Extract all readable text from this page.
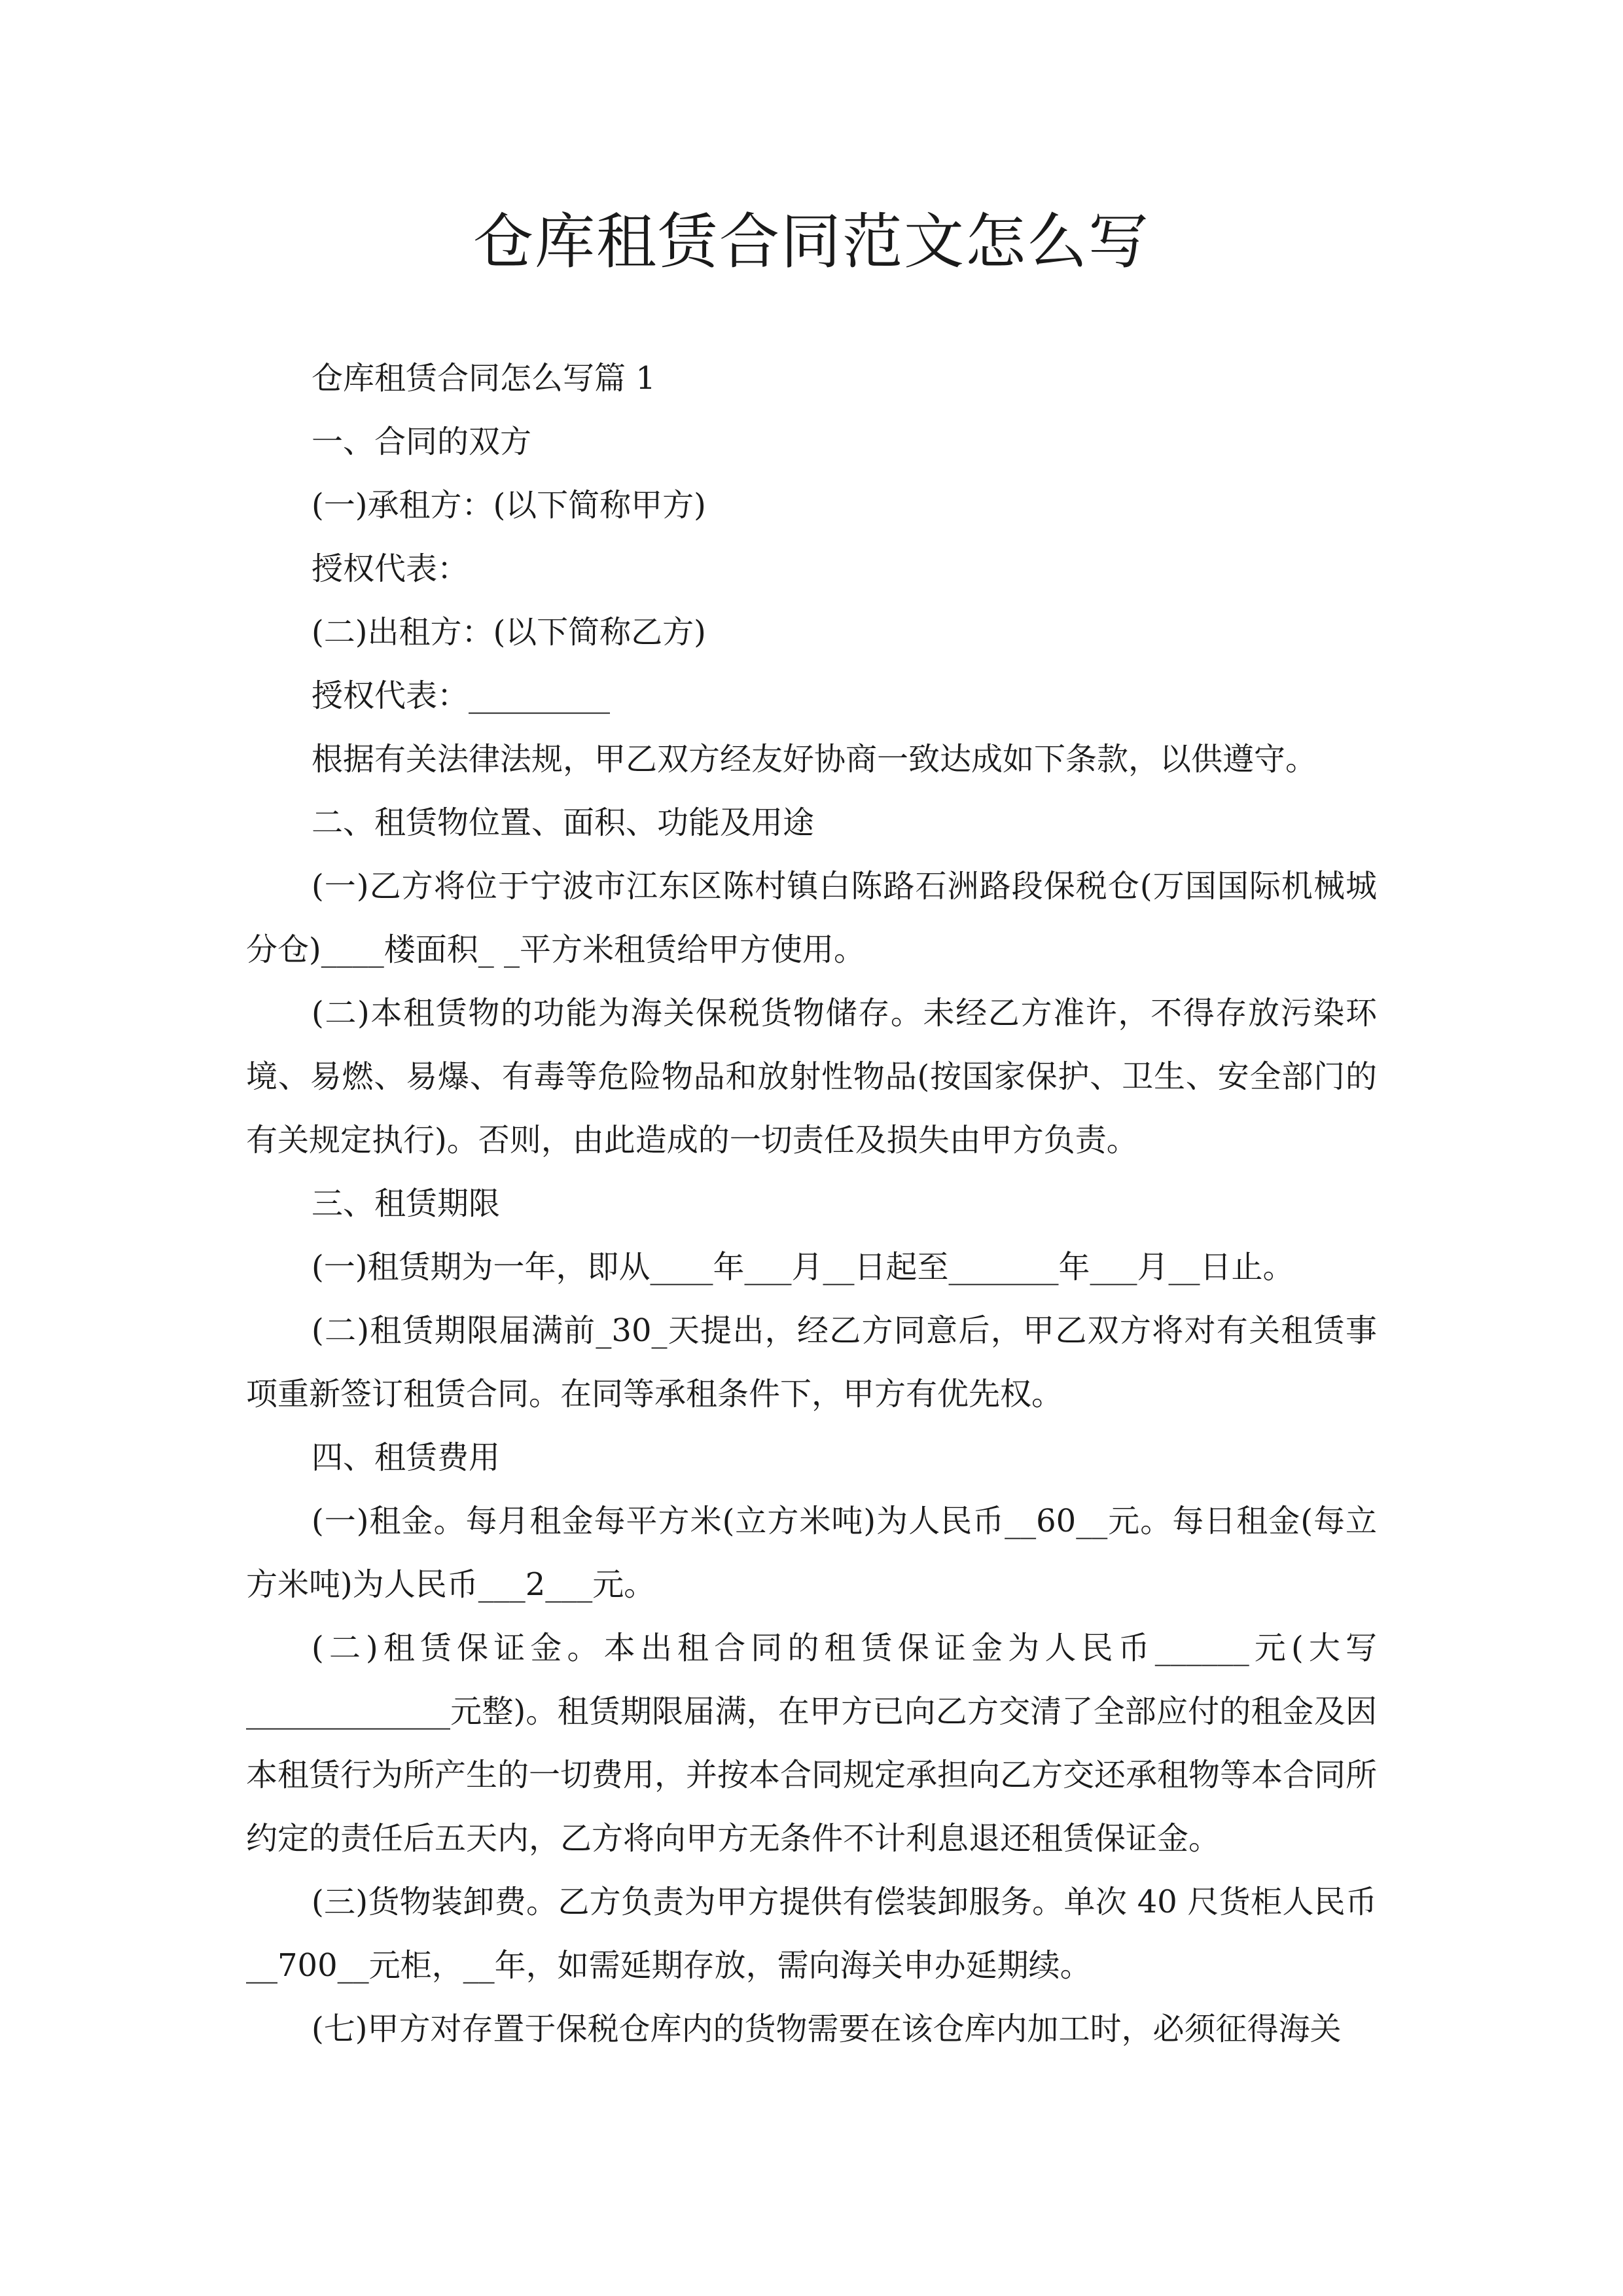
仓库租赁合同范文怎么写

仓库租赁合同怎么写篇 1

一、合同的双方

(一)承租方：(以下简称甲方)

授权代表：

(二)出租方：(以下简称乙方)

授权代表：_________

根据有关法律法规，甲乙双方经友好协商一致达成如下条款，以供遵守。

二、租赁物位置、面积、功能及用途

(一)乙方将位于宁波市江东区陈村镇白陈路石洲路段保税仓(万国国际机械城分仓)____楼面积_ _平方米租赁给甲方使用。

(二)本租赁物的功能为海关保税货物储存。未经乙方准许，不得存放污染环境、易燃、易爆、有毒等危险物品和放射性物品(按国家保护、卫生、安全部门的有关规定执行)。否则，由此造成的一切责任及损失由甲方负责。

三、租赁期限

(一)租赁期为一年，即从____年___月__日起至_______年___月__日止。

(二)租赁期限届满前_30_天提出，经乙方同意后，甲乙双方将对有关租赁事项重新签订租赁合同。在同等承租条件下，甲方有优先权。

四、租赁费用

(一)租金。每月租金每平方米(立方米吨)为人民币__60__元。每日租金(每立方米吨)为人民币___2___元。

(二)租赁保证金。本出租合同的租赁保证金为人民币______元(大写_____________元整)。租赁期限届满，在甲方已向乙方交清了全部应付的租金及因本租赁行为所产生的一切费用，并按本合同规定承担向乙方交还承租物等本合同所约定的责任后五天内，乙方将向甲方无条件不计利息退还租赁保证金。

(三)货物装卸费。乙方负责为甲方提供有偿装卸服务。单次 40 尺货柜人民币__700__元柜，__年，如需延期存放，需向海关申办延期续。

(七)甲方对存置于保税仓库内的货物需要在该仓库内加工时，必须征得海关
